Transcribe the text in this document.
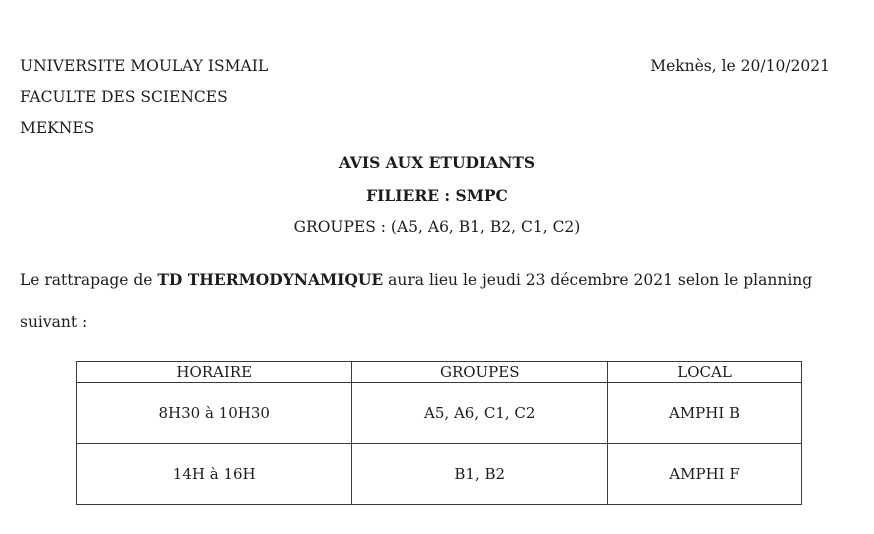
UNIVERSITE MOULAY ISMAIL
FACULTE DES SCIENCES
MEKNES
Meknès, le 20/10/2021
AVIS AUX ETUDIANTS
FILIERE : SMPC
GROUPES : (A5, A6, B1, B2, C1, C2)
Le rattrapage de TD THERMODYNAMIQUE aura lieu le jeudi 23 décembre 2021 selon le planning
suivant :
HORAIRE	GROUPES	LOCAL
8H30 à 10H30	A5, A6, C1, C2	AMPHI B
14H à 16H	B1, B2	AMPHI F
